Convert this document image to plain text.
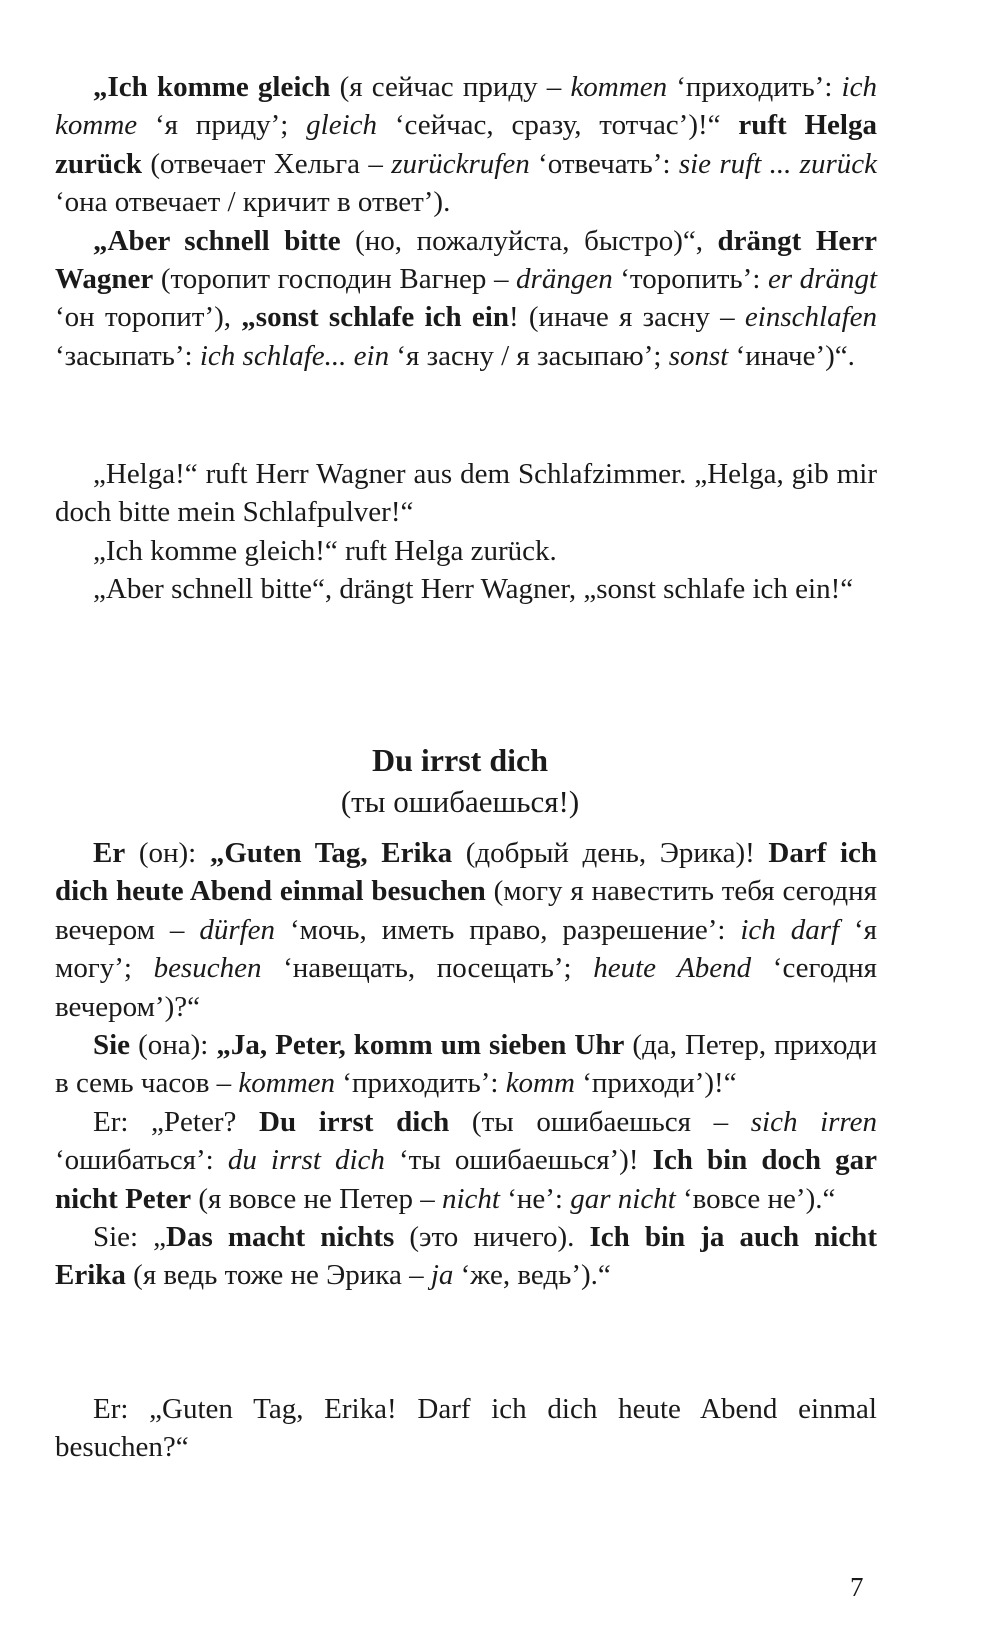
„Ich komme gleich (я сейчас приду – kommen ‘приходить’: ich komme ‘я приду’; gleich ‘сейчас, сразу, тотчас’)!“ ruft Helga zurück (отвечает Хельга – zurückrufen ‘отвечать’: sie ruft ... zurück ‘она отвечает / кричит в ответ’).

„Aber schnell bitte (но, пожалуйста, быстро)“, drängt Herr Wagner (торопит господин Вагнер – drängen ‘торопить’: er drängt ‘он торопит’), „sonst schlafe ich ein! (иначе я засну – einschlafen ‘засыпать’: ich schlafe... ein ‘я засну / я засыпаю’; sonst ‘иначе’)“.

„Helga!“ ruft Herr Wagner aus dem Schlafzimmer. „Helga, gib mir doch bitte mein Schlafpulver!“

„Ich komme gleich!“ ruft Helga zurück.

„Aber schnell bitte“, drängt Herr Wagner, „sonst schlafe ich ein!“

Du irrst dich
(ты ошибаешься!)

Er (он): „Guten Tag, Erika (добрый день, Эрика)! Darf ich dich heute Abend einmal besuchen (могу я навестить тебя сегодня вечером – dürfen ‘мочь, иметь право, разрешение’: ich darf ‘я могу’; besuchen ‘навещать, посещать’; heute Abend ‘сегодня вечером’)?“

Sie (она): „Ja, Peter, komm um sieben Uhr (да, Петер, приходи в семь часов – kommen ‘приходить’: komm ‘приходи’)!“

Er: „Peter? Du irrst dich (ты ошибаешься – sich irren ‘ошибаться’: du irrst dich ‘ты ошибаешься’)! Ich bin doch gar nicht Peter (я вовсе не Петер – nicht ‘не’: gar nicht ‘вовсе не’).“

Sie: „Das macht nichts (это ничего). Ich bin ja auch nicht Erika (я ведь тоже не Эрика – ja ‘же, ведь’).“

Er: „Guten Tag, Erika! Darf ich dich heute Abend einmal besuchen?“

7
